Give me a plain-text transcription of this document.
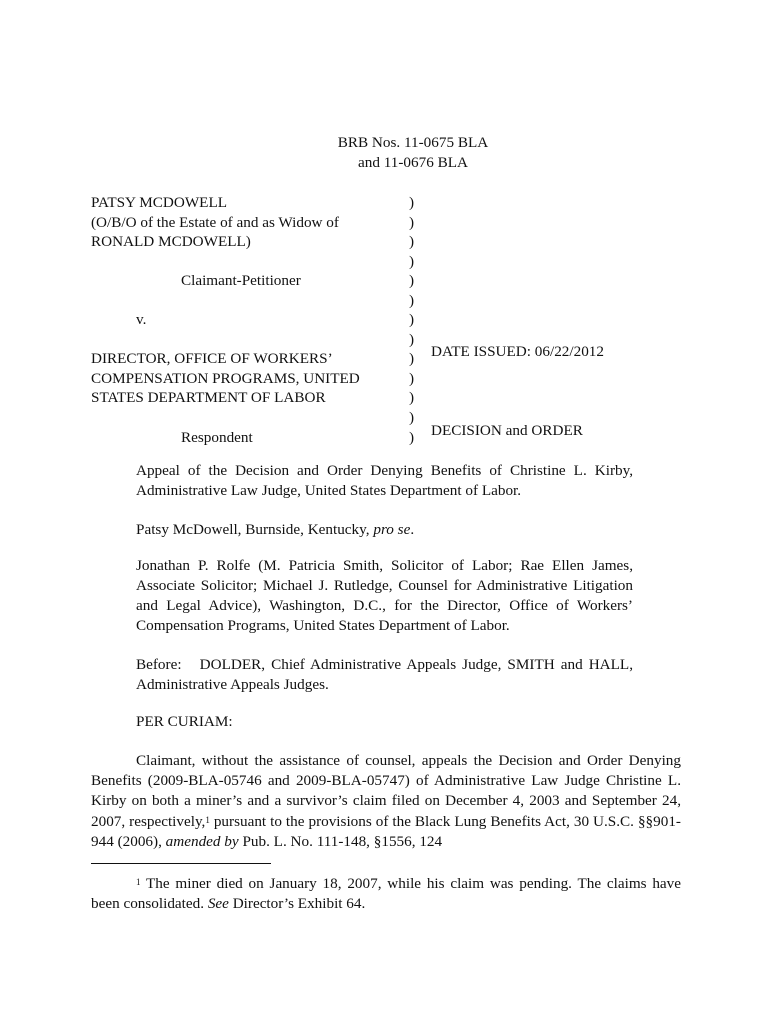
BRB Nos. 11-0675 BLA
and 11-0676 BLA
PATSY MCDOWELL
(O/B/O of the Estate of and as Widow of
RONALD MCDOWELL)
Claimant-Petitioner
v.
DIRECTOR, OFFICE OF WORKERS’
COMPENSATION PROGRAMS, UNITED
STATES DEPARTMENT OF LABOR
Respondent
)
)
)
)
)
)
)
)
)
)
)
)
)
DATE ISSUED: 06/22/2012
DECISION and ORDER
Appeal of the Decision and Order Denying Benefits of Christine L. Kirby, Administrative Law Judge, United States Department of Labor.
Patsy McDowell, Burnside, Kentucky, pro se.
Jonathan P. Rolfe (M. Patricia Smith, Solicitor of Labor; Rae Ellen James, Associate Solicitor; Michael J. Rutledge, Counsel for Administrative Litigation and Legal Advice), Washington, D.C., for the Director, Office of Workers’ Compensation Programs, United States Department of Labor.
Before:   DOLDER, Chief Administrative Appeals Judge, SMITH and HALL, Administrative Appeals Judges.
PER CURIAM:
Claimant, without the assistance of counsel, appeals the Decision and Order Denying Benefits (2009-BLA-05746 and 2009-BLA-05747) of Administrative Law Judge Christine L. Kirby on both a miner’s and a survivor’s claim filed on December 4, 2003 and September 24, 2007, respectively,$^1$ pursuant to the provisions of the Black Lung Benefits Act, 30 U.S.C. §§901-944 (2006), amended by Pub. L. No. 111-148, §1556, 124
$^1$ The miner died on January 18, 2007, while his claim was pending. The claims have been consolidated. See Director’s Exhibit 64.
